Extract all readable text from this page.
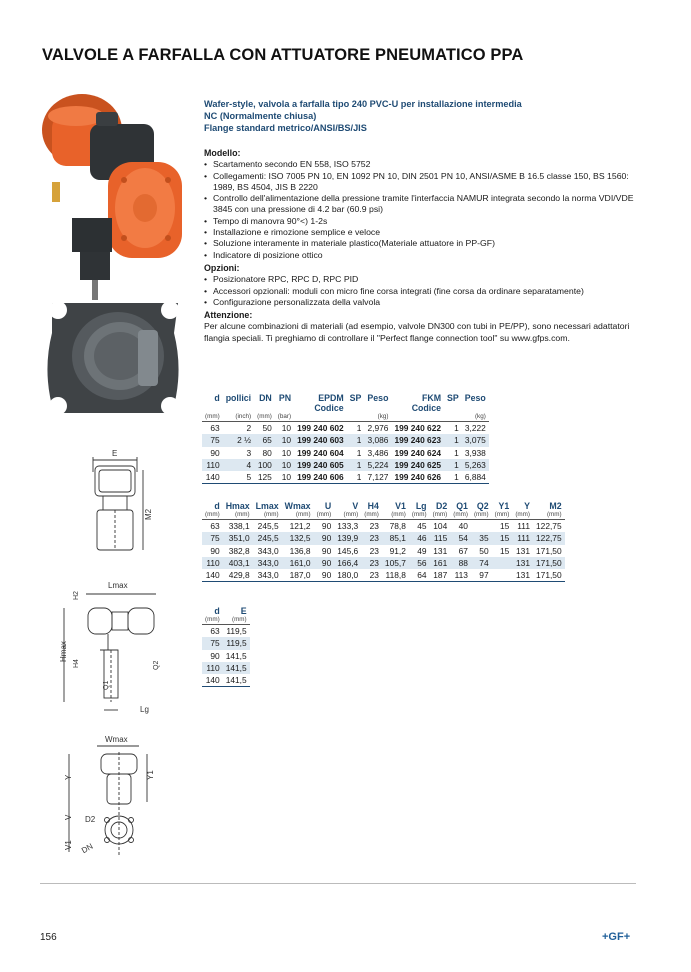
VALVOLE A FARFALLA CON ATTUATORE PNEUMATICO PPA
E
M2
Lmax
H2
Hmax
H4
Q1
Q2
Lg
Wmax
Y	Y1
V D2
V1 DN
Wafer-style, valvola a farfalla tipo 240 PVC-U per installazione intermedia
NC (Normalmente chiusa)
Flange standard metrico/ANSI/BS/JIS
Modello:
• Scartamento secondo EN 558, ISO 5752
• Collegamenti: ISO 7005 PN 10, EN 1092 PN 10, DIN 2501 PN 10, ANSI/ASME B 16.5 classe 150, BS 1560: 1989, BS 4504, JIS B 2220
• Controllo dell'alimentazione della pressione tramite l'interfaccia NAMUR integrata secondo la norma VDI/VDE 3845 con una pressione di 4.2 bar (60.9 psi)
• Tempo di manovra 90°<) 1-2s
• Installazione e rimozione semplice e veloce
• Soluzione interamente in materiale plastico(Materiale attuatore in PP-GF)
• Indicatore di posizione ottico
Opzioni:
• Posizionatore RPC, RPC D, RPC PID
• Accessori opzionali: moduli con micro fine corsa integrati (fine corsa da ordinare separatamente)
• Configurazione personalizzata della valvola
Attenzione:

Per alcune combinazioni di materiali (ad esempio, valvole DN300 con tubi in PE/PP), sono necessari adattatori flangia speciali. Ti preghiamo di controllare il "Perfect flange connection tool" su www.gfps.com.

d	pollici	DN	PN	EPDM	SP	Peso	FKM	SP	Peso
				Codice			Codice		
(mm)	(inch)	(mm)	(bar)			(kg)			(kg)
63	2	50	10	199 240 602	1	2,976	199 240 622	1	3,222
75	2 ½	65	10	199 240 603	1	3,086	199 240 623	1	3,075
90	3	80	10	199 240 604	1	3,486	199 240 624	1	3,938
110	4	100	10	199 240 605	1	5,224	199 240 625	1	5,263
140	5	125	10	199 240 606	1	7,127	199 240 626	1	6,884
d	Hmax	Lmax	Wmax	U	V	H4	V1	Lg	D2	Q1	Q2	Y1	Y	M2
(mm)	(mm)	(mm)	(mm)	(mm)	(mm)	(mm)	(mm)	(mm)	(mm)	(mm)	(mm)	(mm)	(mm)	(mm)
63	338,1	245,5	121,2	90	133,3	23	78,8	45	104	40		15	111	122,75
75	351,0	245,5	132,5	90	139,9	23	85,1	46	115	54	35	15	111	122,75
90	382,8	343,0	136,8	90	145,6	23	91,2	49	131	67	50	15	131	171,50
110	403,1	343,0	161,0	90	166,4	23	105,7	56	161	88	74		131	171,50
140	429,8	343,0	187,0	90	180,0	23	118,8	64	187	113	97		131	171,50
d	E
(mm)	(mm)
63	119,5
75	119,5
90	141,5
110	141,5
140	141,5
156	+GF+
